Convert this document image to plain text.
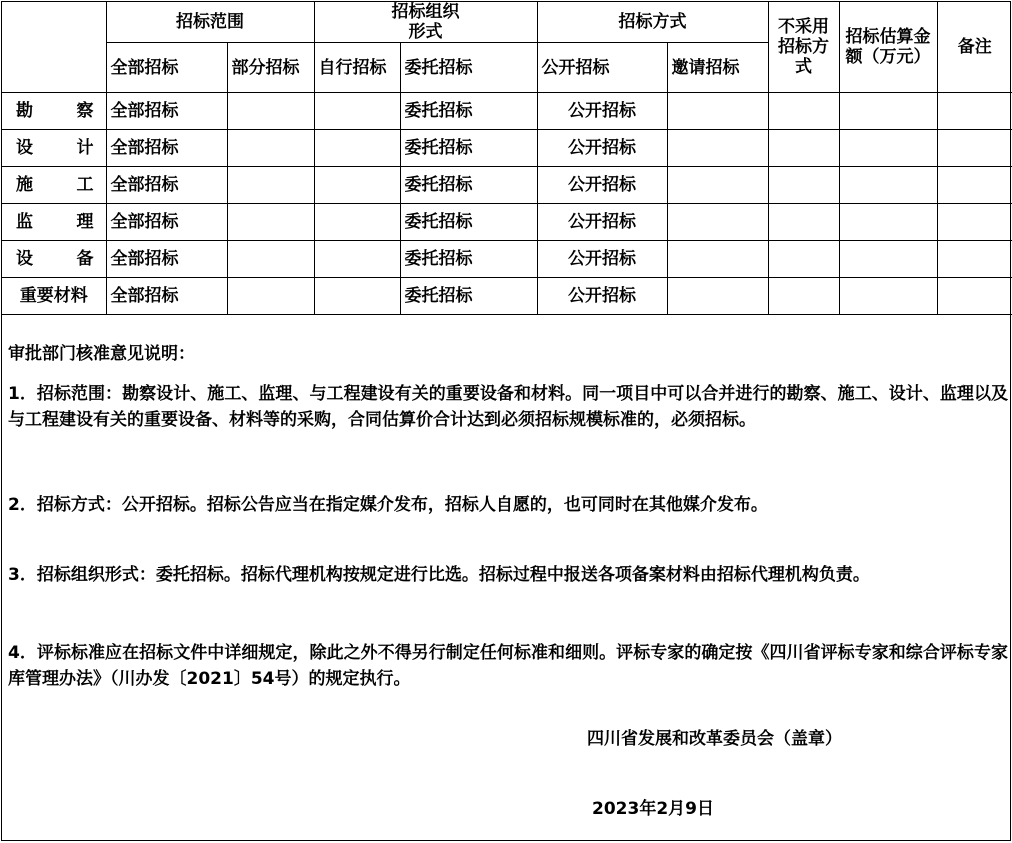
	招标范围		招标组织
形式		招标方式		不采用招标方式	招标估算金额（万元）	备注
	全部招标	部分招标	自行招标	委托招标	公开招标	邀请招标			
勘察	全部招标			委托招标	公开招标				
设计	全部招标			委托招标	公开招标				
施工	全部招标			委托招标	公开招标				
监理	全部招标			委托招标	公开招标				
设备	全部招标			委托招标	公开招标				
重要材料	全部招标			委托招标	公开招标				
审批部门核准意见说明：
1．招标范围：勘察设计、施工、监理、与工程建设有关的重要设备和材料。同一项目中可以合并进行的勘察、施工、设计、监理以及与工程建设有关的重要设备、材料等的采购，合同估算价合计达到必须招标规模标准的，必须招标。
2．招标方式：公开招标。招标公告应当在指定媒介发布，招标人自愿的，也可同时在其他媒介发布。
3．招标组织形式：委托招标。招标代理机构按规定进行比选。招标过程中报送各项备案材料由招标代理机构负责。
4．评标标准应在招标文件中详细规定，除此之外不得另行制定任何标准和细则。评标专家的确定按《四川省评标专家和综合评标专家库管理办法》（川办发〔2021〕54号）的规定执行。
四川省发展和改革委员会（盖章）
2023年2月9日
